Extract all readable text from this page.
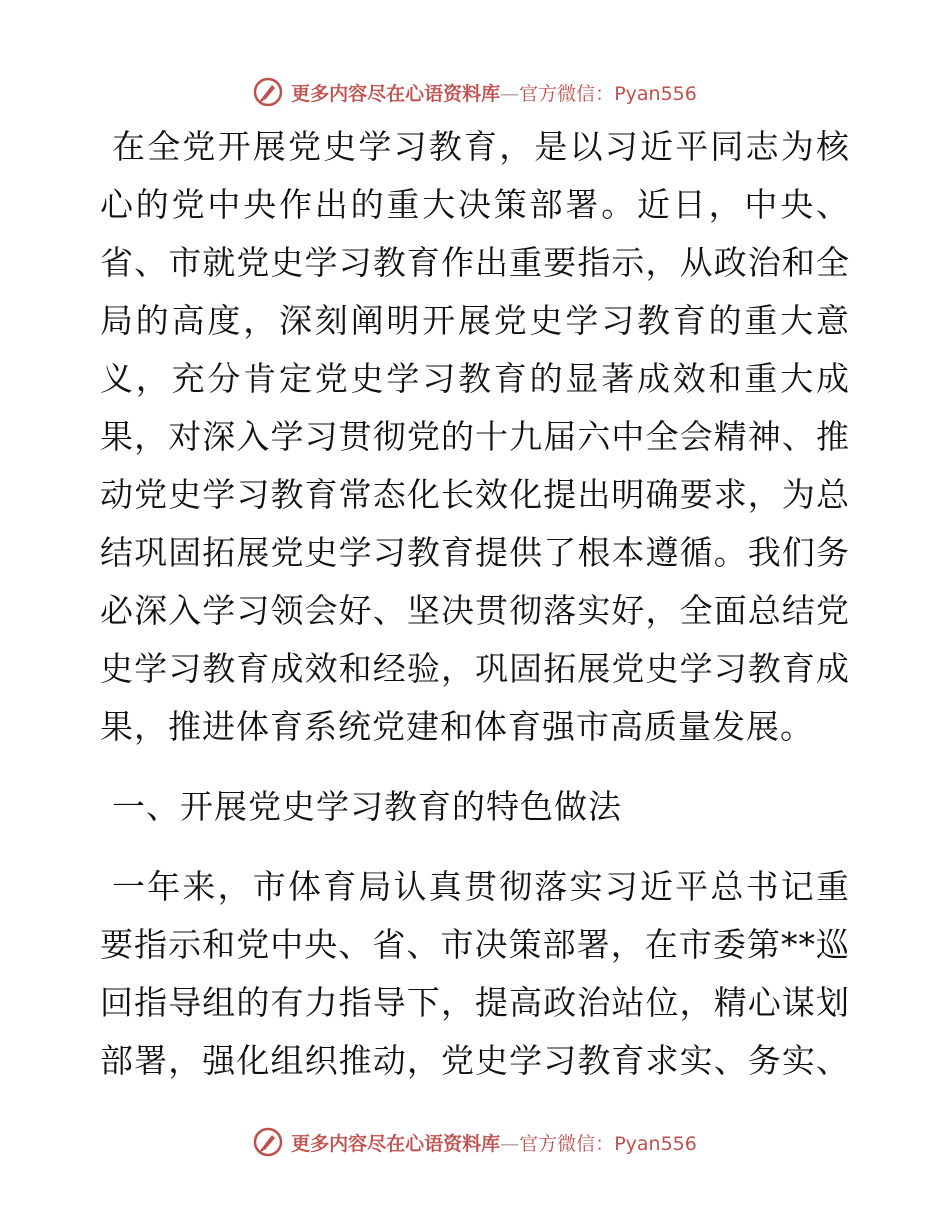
更多内容尽在心语资料库—官方微信：Pyan556
在全党开展党史学习教育，是以习近平同志为核
心的党中央作出的重大决策部署。近日，中央、
省、市就党史学习教育作出重要指示，从政治和全
局的高度，深刻阐明开展党史学习教育的重大意
义，充分肯定党史学习教育的显著成效和重大成
果，对深入学习贯彻党的十九届六中全会精神、推
动党史学习教育常态化长效化提出明确要求，为总
结巩固拓展党史学习教育提供了根本遵循。我们务
必深入学习领会好、坚决贯彻落实好，全面总结党
史学习教育成效和经验，巩固拓展党史学习教育成
果，推进体育系统党建和体育强市高质量发展。
一、开展党史学习教育的特色做法
一年来，市体育局认真贯彻落实习近平总书记重
要指示和党中央、省、市决策部署，在市委第**巡
回指导组的有力指导下，提高政治站位，精心谋划
部署，强化组织推动，党史学习教育求实、务实、
更多内容尽在心语资料库—官方微信：Pyan556
